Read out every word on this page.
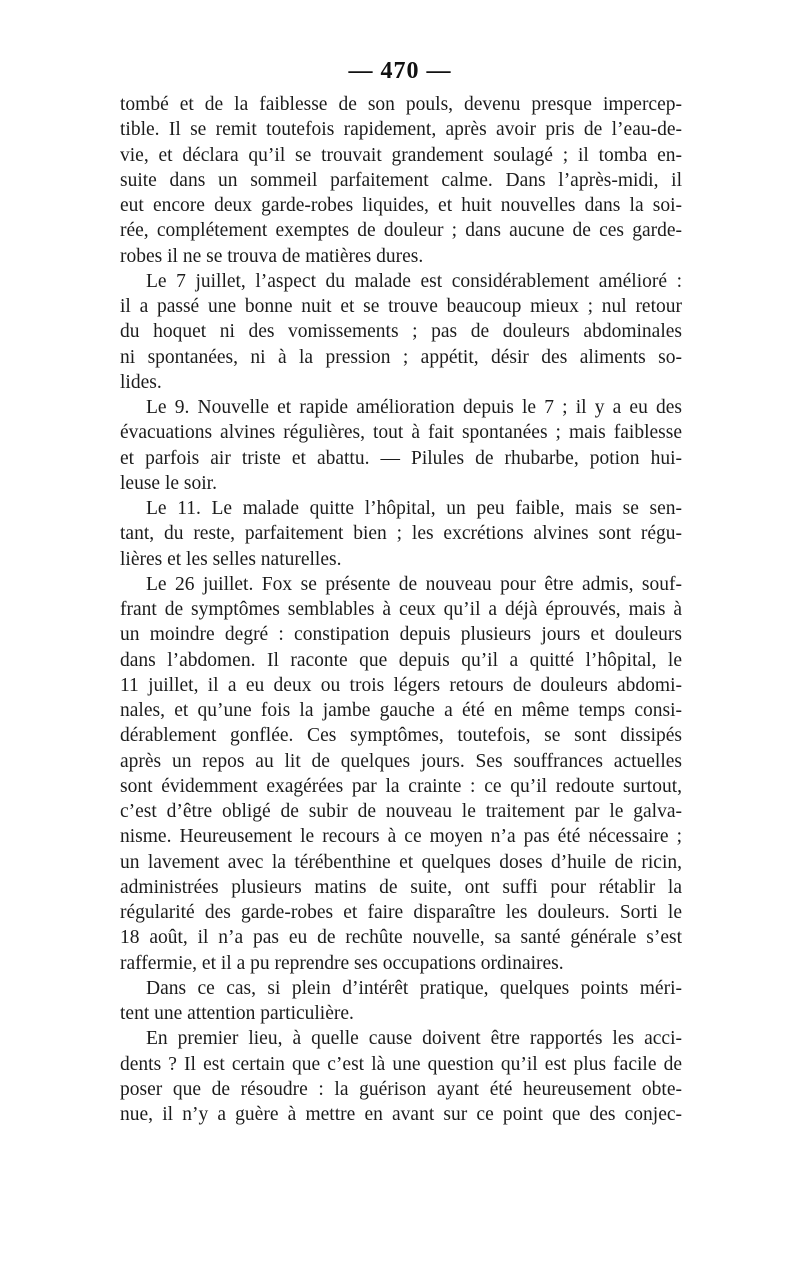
— 470 —
tombé et de la faiblesse de son pouls, devenu presque impercep-
tible. Il se remit toutefois rapidement, après avoir pris de l’eau-de-
vie, et déclara qu’il se trouvait grandement soulagé ; il tomba en-
suite dans un sommeil parfaitement calme. Dans l’après-midi, il
eut encore deux garde-robes liquides, et huit nouvelles dans la soi-
rée, complétement exemptes de douleur ; dans aucune de ces garde-
robes il ne se trouva de matières dures.
Le 7 juillet, l’aspect du malade est considérablement amélioré :
il a passé une bonne nuit et se trouve beaucoup mieux ; nul retour
du hoquet ni des vomissements ; pas de douleurs abdominales
ni spontanées, ni à la pression ; appétit, désir des aliments so-
lides.
Le 9. Nouvelle et rapide amélioration depuis le 7 ; il y a eu des
évacuations alvines régulières, tout à fait spontanées ; mais faiblesse
et parfois air triste et abattu. — Pilules de rhubarbe, potion hui-
leuse le soir.
Le 11. Le malade quitte l’hôpital, un peu faible, mais se sen-
tant, du reste, parfaitement bien ; les excrétions alvines sont régu-
lières et les selles naturelles.
Le 26 juillet. Fox se présente de nouveau pour être admis, souf-
frant de symptômes semblables à ceux qu’il a déjà éprouvés, mais à
un moindre degré : constipation depuis plusieurs jours et douleurs
dans l’abdomen. Il raconte que depuis qu’il a quitté l’hôpital, le
11 juillet, il a eu deux ou trois légers retours de douleurs abdomi-
nales, et qu’une fois la jambe gauche a été en même temps consi-
dérablement gonflée. Ces symptômes, toutefois, se sont dissipés
après un repos au lit de quelques jours. Ses souffrances actuelles
sont évidemment exagérées par la crainte : ce qu’il redoute surtout,
c’est d’être obligé de subir de nouveau le traitement par le galva-
nisme. Heureusement le recours à ce moyen n’a pas été nécessaire ;
un lavement avec la térébenthine et quelques doses d’huile de ricin,
administrées plusieurs matins de suite, ont suffi pour rétablir la
régularité des garde-robes et faire disparaître les douleurs. Sorti le
18 août, il n’a pas eu de rechûte nouvelle, sa santé générale s’est
raffermie, et il a pu reprendre ses occupations ordinaires.
Dans ce cas, si plein d’intérêt pratique, quelques points méri-
tent une attention particulière.
En premier lieu, à quelle cause doivent être rapportés les acci-
dents ? Il est certain que c’est là une question qu’il est plus facile de
poser que de résoudre : la guérison ayant été heureusement obte-
nue, il n’y a guère à mettre en avant sur ce point que des conjec-
